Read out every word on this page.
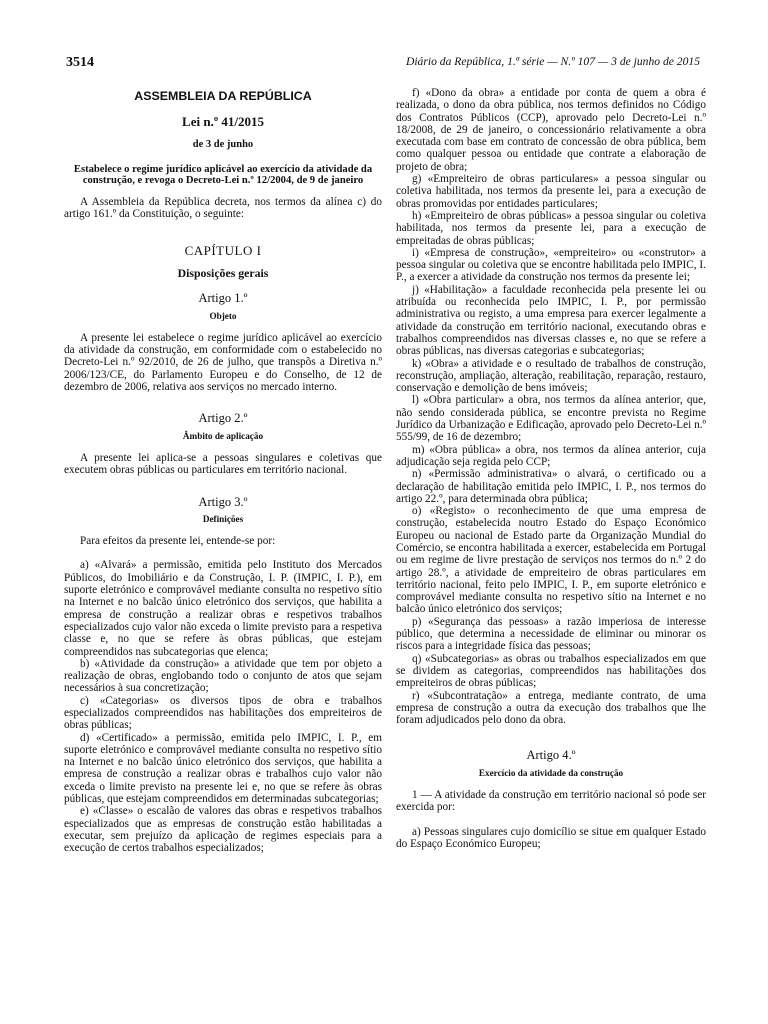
3514	Diário da República, 1.ª série — N.º 107 — 3 de junho de 2015
ASSEMBLEIA DA REPÚBLICA
Lei n.º 41/2015
de 3 de junho
Estabelece o regime jurídico aplicável ao exercício da atividade da construção, e revoga o Decreto-Lei n.º 12/2004, de 9 de janeiro

A Assembleia da República decreta, nos termos da alínea c) do artigo 161.º da Constituição, o seguinte:

CAPÍTULO I
Disposições gerais
Artigo 1.º
Objeto

A presente lei estabelece o regime jurídico aplicável ao exercício da atividade da construção, em conformidade com o estabelecido no Decreto-Lei n.º 92/2010, de 26 de julho, que transpõs a Diretiva n.º 2006/123/CE, do Parlamento Europeu e do Conselho, de 12 de dezembro de 2006, relativa aos serviços no mercado interno.

Artigo 2.º
Âmbito de aplicação

A presente lei aplica-se a pessoas singulares e coletivas que executem obras públicas ou particulares em território nacional.

Artigo 3.º
Definições

Para efeitos da presente lei, entende-se por:

a) «Alvará» a permissão, emitida pelo Instituto dos Mercados Públicos, do Imobiliário e da Construção, I. P. (IMPIC, I. P.), em suporte eletrónico e comprovável mediante consulta no respetivo sítio na Internet e no balcão único eletrónico dos serviços, que habilita a empresa de construção a realizar obras e respetivos trabalhos especializados cujo valor não exceda o limite previsto para a respetiva classe e, no que se refere às obras públicas, que estejam compreendidos nas subcategorias que elenca;

b) «Atividade da construção» a atividade que tem por objeto a realização de obras, englobando todo o conjunto de atos que sejam necessários à sua concretização;

c) «Categorias» os diversos tipos de obra e trabalhos especializados compreendidos nas habilitações dos empreiteiros de obras públicas;

d) «Certificado» a permissão, emitida pelo IMPIC, I. P., em suporte eletrónico e comprovável mediante consulta no respetivo sítio na Internet e no balcão único eletrónico dos serviços, que habilita a empresa de construção a realizar obras e trabalhos cujo valor não exceda o limite previsto na presente lei e, no que se refere às obras públicas, que estejam compreendidos em determinadas subcategorias;

e) «Classe» o escalão de valores das obras e respetivos trabalhos especializados que as empresas de construção estão habilitadas a executar, sem prejuízo da aplicação de regimes especiais para a execução de certos trabalhos especializados;

f) «Dono da obra» a entidade por conta de quem a obra é realizada, o dono da obra pública, nos termos definidos no Código dos Contratos Públicos (CCP), aprovado pelo Decreto-Lei n.º 18/2008, de 29 de janeiro, o concessionário relativamente a obra executada com base em contrato de concessão de obra pública, bem como qualquer pessoa ou entidade que contrate a elaboração de projeto de obra;

g) «Empreiteiro de obras particulares» a pessoa singular ou coletiva habilitada, nos termos da presente lei, para a execução de obras promovidas por entidades particulares;

h) «Empreiteiro de obras públicas» a pessoa singular ou coletiva habilitada, nos termos da presente lei, para a execução de empreitadas de obras públicas;

i) «Empresa de construção», «empreiteiro» ou «construtor» a pessoa singular ou coletiva que se encontre habilitada pelo IMPIC, I. P., a exercer a atividade da construção nos termos da presente lei;

j) «Habilitação» a faculdade reconhecida pela presente lei ou atribuída ou reconhecida pelo IMPIC, I. P., por permissão administrativa ou registo, a uma empresa para exercer legalmente a atividade da construção em território nacional, executando obras e trabalhos compreendidos nas diversas classes e, no que se refere a obras públicas, nas diversas categorias e subcategorias;

k) «Obra» a atividade e o resultado de trabalhos de construção, reconstrução, ampliação, alteração, reabilitação, reparação, restauro, conservação e demolição de bens imóveis;

l) «Obra particular» a obra, nos termos da alínea anterior, que, não sendo considerada pública, se encontre prevista no Regime Jurídico da Urbanização e Edificação, aprovado pelo Decreto-Lei n.º 555/99, de 16 de dezembro;

m) «Obra pública» a obra, nos termos da alínea anterior, cuja adjudicação seja regida pelo CCP;

n) «Permissão administrativa» o alvará, o certificado ou a declaração de habilitação emitida pelo IMPIC, I. P., nos termos do artigo 22.º, para determinada obra pública;

o) «Registo» o reconhecimento de que uma empresa de construção, estabelecida noutro Estado do Espaço Económico Europeu ou nacional de Estado parte da Organização Mundial do Comércio, se encontra habilitada a exercer, estabelecida em Portugal ou em regime de livre prestação de serviços nos termos do n.º 2 do artigo 28.º, a atividade de empreiteiro de obras particulares em território nacional, feito pelo IMPIC, I. P., em suporte eletrónico e comprovável mediante consulta no respetivo sítio na Internet e no balcão único eletrónico dos serviços;

p) «Segurança das pessoas» a razão imperiosa de interesse público, que determina a necessidade de eliminar ou minorar os riscos para a integridade física das pessoas;

q) «Subcategorias» as obras ou trabalhos especializados em que se dividem as categorias, compreendidos nas habilitações dos empreiteiros de obras públicas;

r) «Subcontratação» a entrega, mediante contrato, de uma empresa de construção a outra da execução dos trabalhos que lhe foram adjudicados pelo dono da obra.

Artigo 4.º
Exercício da atividade da construção

1 — A atividade da construção em território nacional só pode ser exercida por:

a) Pessoas singulares cujo domicílio se situe em qualquer Estado do Espaço Económico Europeu;
